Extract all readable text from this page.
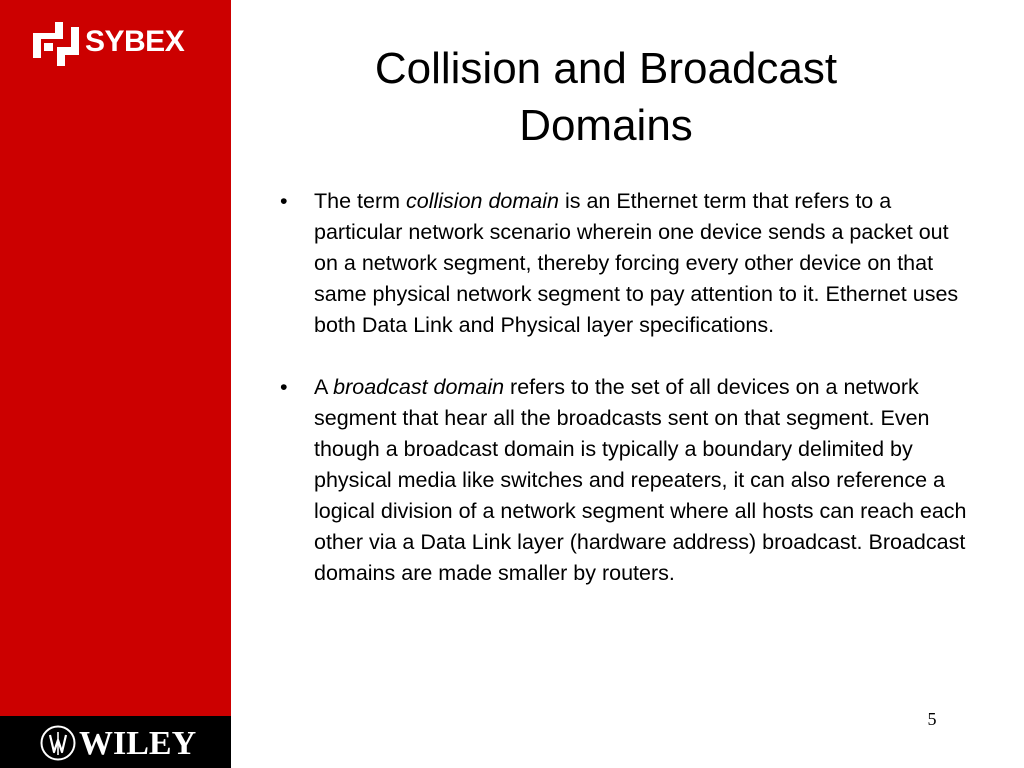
SYBEX
WILEY
Collision and Broadcast
Domains
• The term collision domain is an Ethernet term that refers to a particular network scenario wherein one device sends a packet out on a network segment, thereby forcing every other device on that same physical network segment to pay attention to it. Ethernet uses both Data Link and Physical layer specifications.
• A broadcast domain refers to the set of all devices on a network segment that hear all the broadcasts sent on that segment. Even though a broadcast domain is typically a boundary delimited by physical media like switches and repeaters, it can also reference a logical division of a network segment where all hosts can reach each other via a Data Link layer (hardware address) broadcast. Broadcast domains are made smaller by routers.
5
